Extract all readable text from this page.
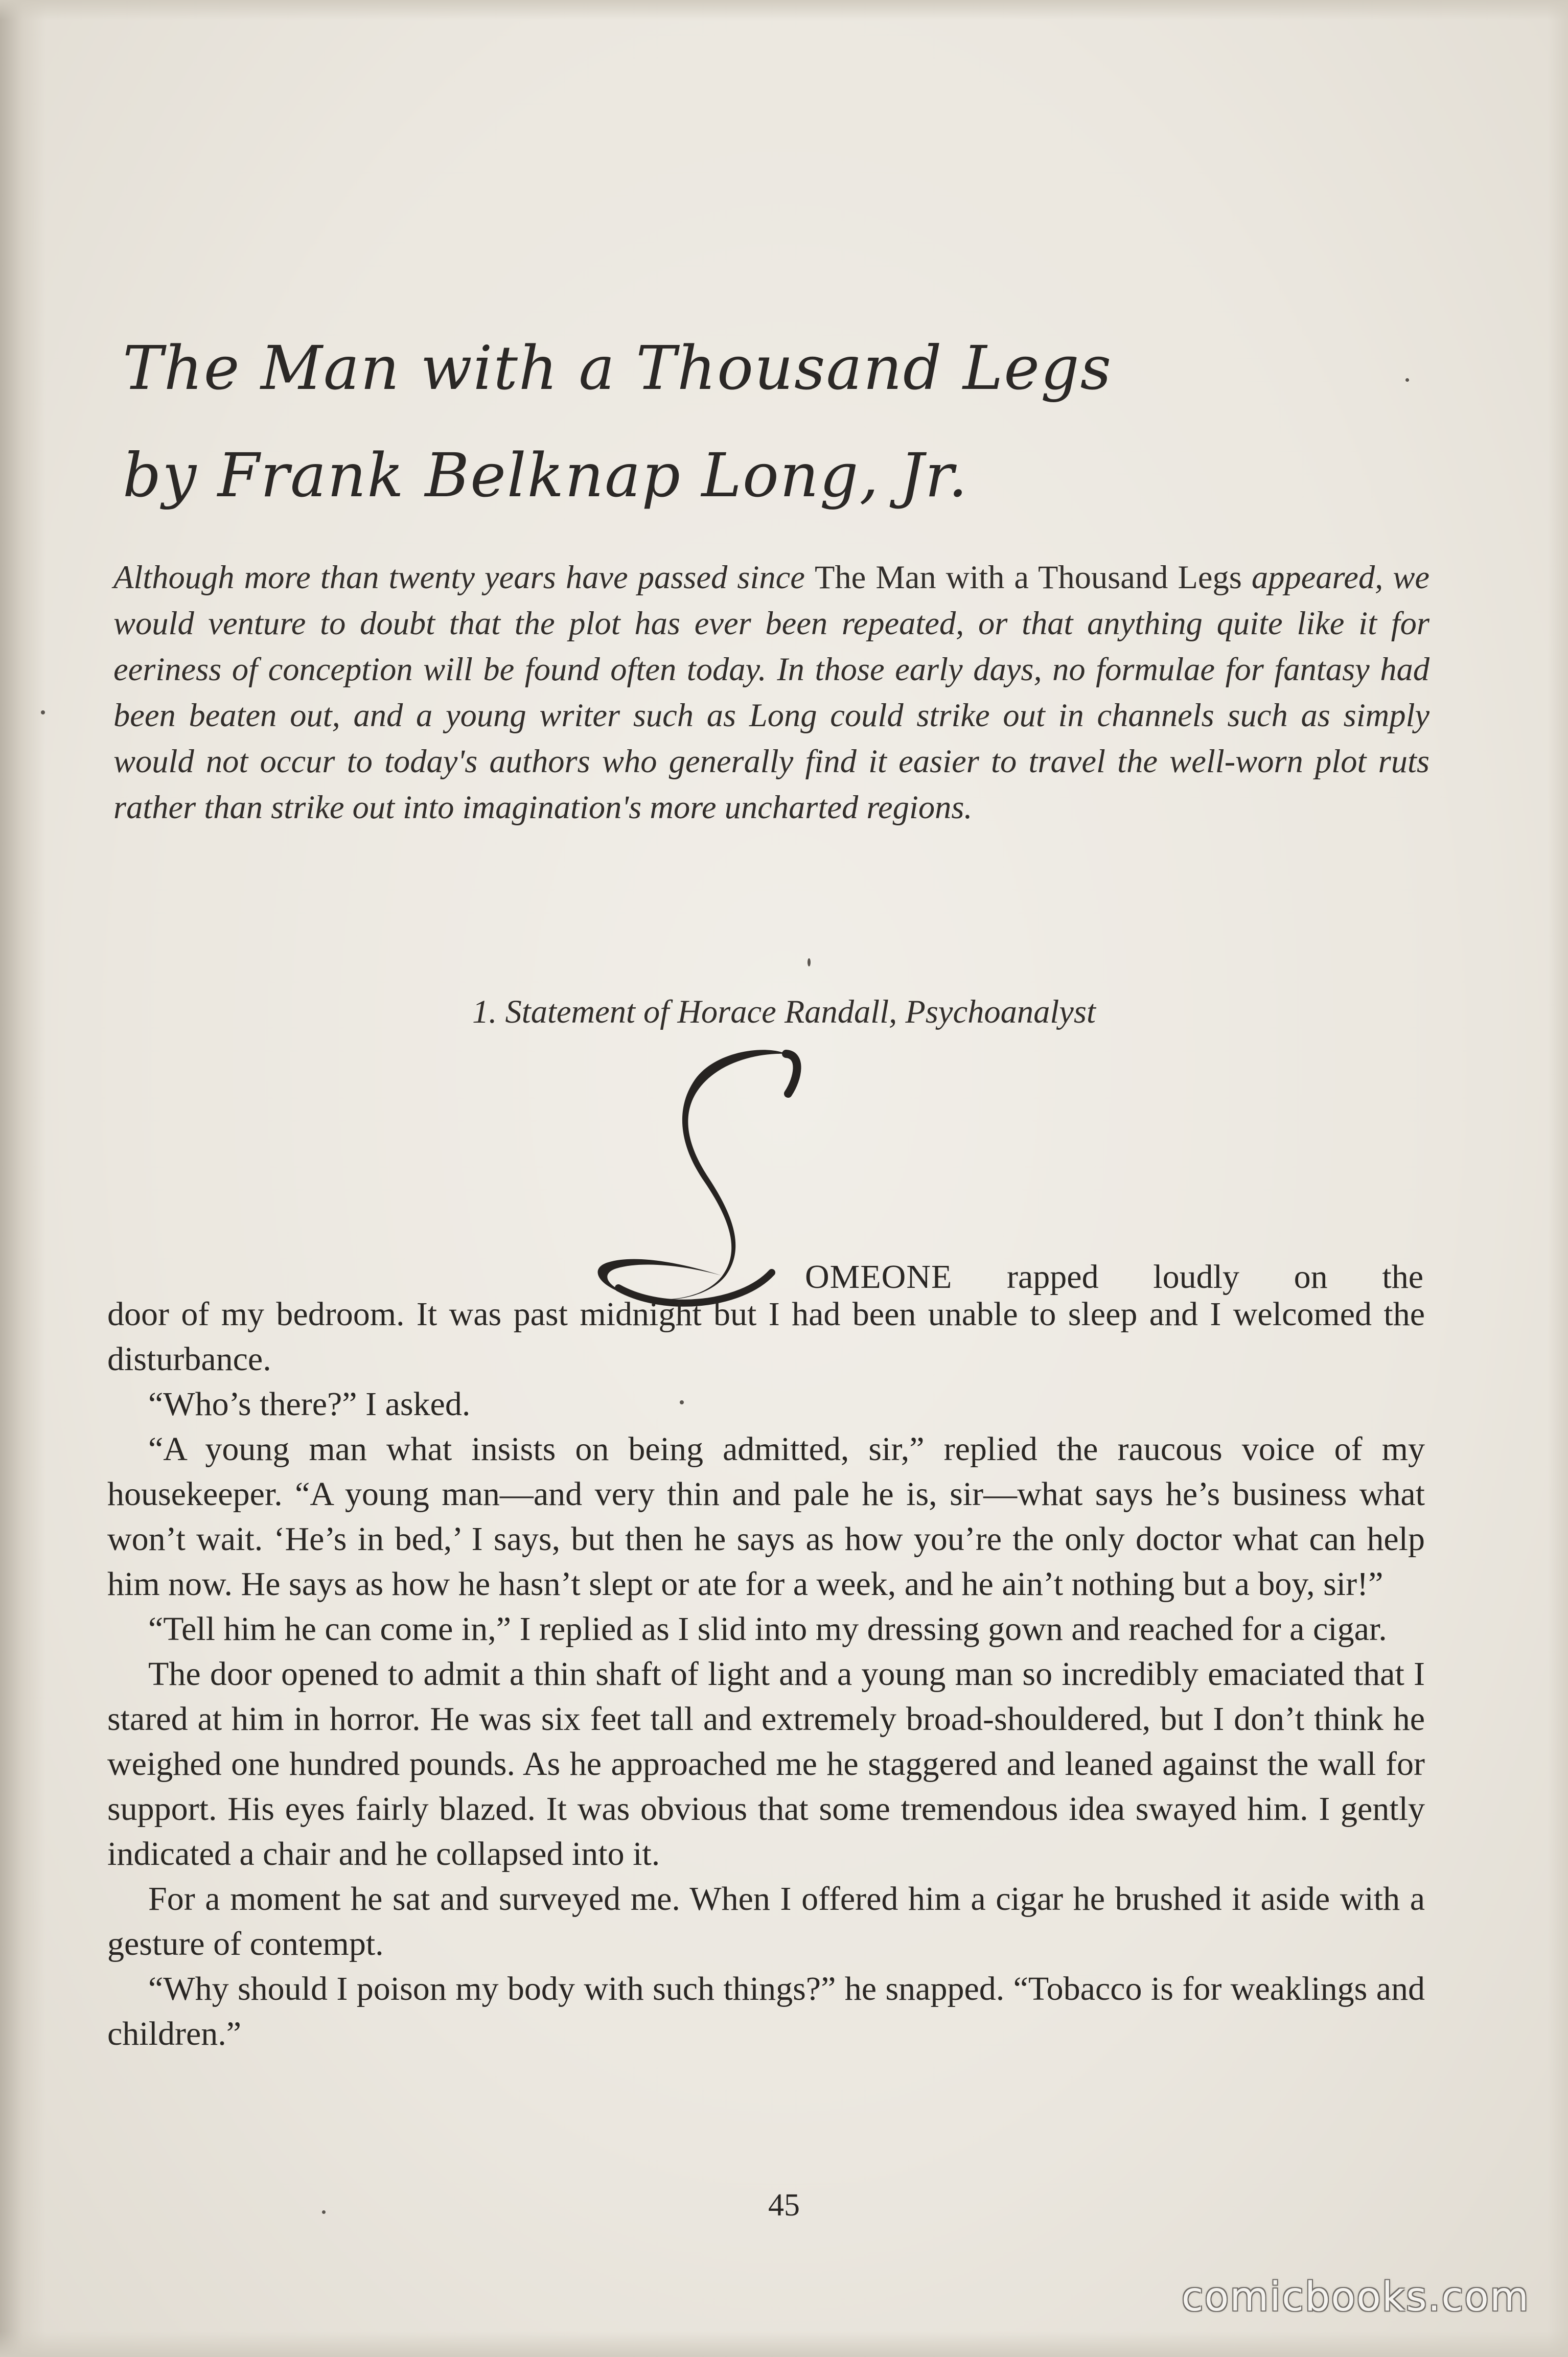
The Man with a Thousand Legs
by Frank Belknap Long, Jr.

Although more than twenty years have passed since The Man with a Thousand Legs appeared, we would venture to doubt that the plot has ever been repeated, or that anything quite like it for eeriness of conception will be found often today. In those early days, no formulae for fantasy had been beaten out, and a young writer such as Long could strike out in channels such as simply would not occur to today's authors who generally find it easier to travel the well-worn plot ruts rather than strike out into imagination's more uncharted regions.

1. Statement of Horace Randall, Psychoanalyst

OMEONE rapped loudly on the

door of my bedroom. It was past midnight but I had been unable to sleep and I welcomed the disturbance.

“Who’s there?” I asked.

“A young man what insists on being admitted, sir,” replied the raucous voice of my housekeeper. “A young man—and very thin and pale he is, sir—what says he’s business what won’t wait. ‘He’s in bed,’ I says, but then he says as how you’re the only doctor what can help him now. He says as how he hasn’t slept or ate for a week, and he ain’t nothing but a boy, sir!”

“Tell him he can come in,” I replied as I slid into my dressing gown and reached for a cigar.

The door opened to admit a thin shaft of light and a young man so incredibly emaciated that I stared at him in horror. He was six feet tall and extremely broad-shouldered, but I don’t think he weighed one hundred pounds. As he approached me he staggered and leaned against the wall for support. His eyes fairly blazed. It was obvious that some tremendous idea swayed him. I gently indicated a chair and he collapsed into it.

For a moment he sat and surveyed me. When I offered him a cigar he brushed it aside with a gesture of contempt.

“Why should I poison my body with such things?” he snapped. “Tobacco is for weaklings and children.”

45
comicbooks.com
